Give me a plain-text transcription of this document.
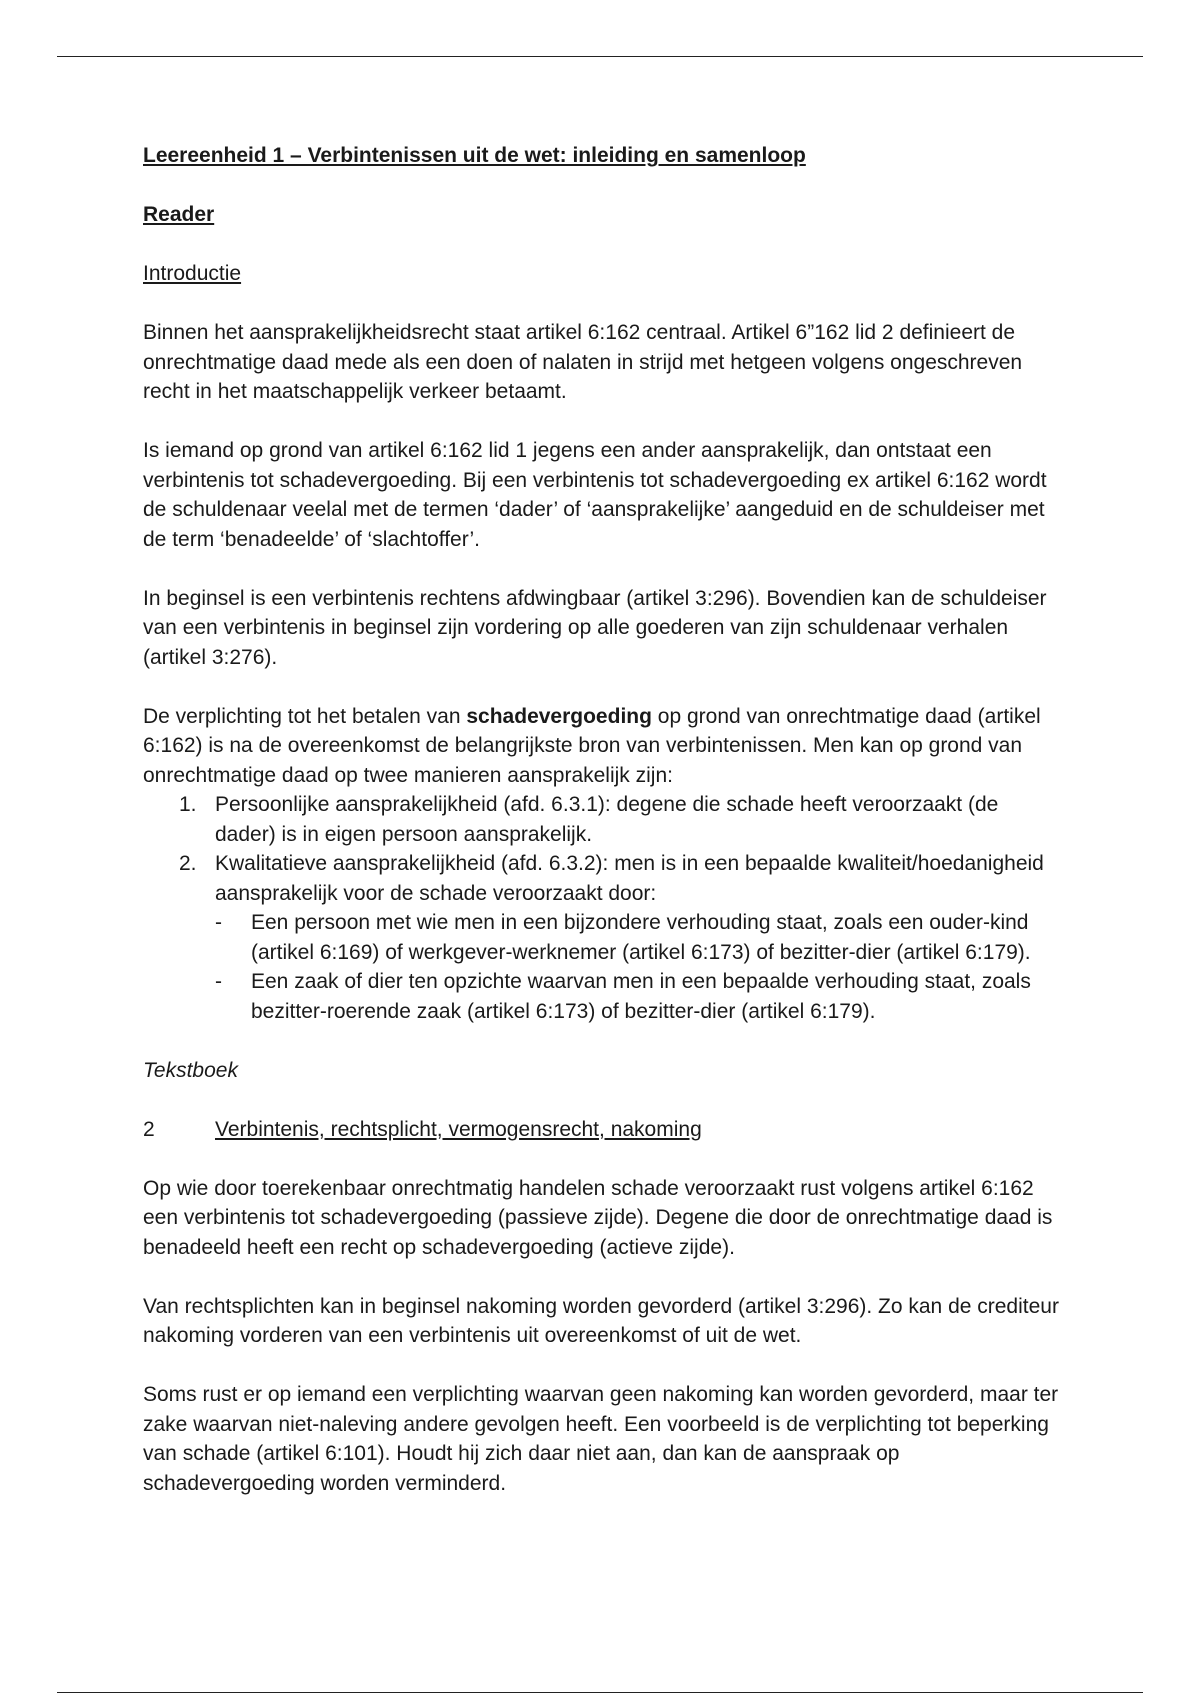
Leereenheid 1 – Verbintenissen uit de wet: inleiding en samenloop

Reader

Introductie

Binnen het aansprakelijkheidsrecht staat artikel 6:162 centraal. Artikel 6”162 lid 2 definieert de onrechtmatige daad mede als een doen of nalaten in strijd met hetgeen volgens ongeschreven recht in het maatschappelijk verkeer betaamt.

Is iemand op grond van artikel 6:162 lid 1 jegens een ander aansprakelijk, dan ontstaat een verbintenis tot schadevergoeding. Bij een verbintenis tot schadevergoeding ex artikel 6:162 wordt de schuldenaar veelal met de termen ‘dader’ of ‘aansprakelijke’ aangeduid en de schuldeiser met de term ‘benadeelde’ of ‘slachtoffer’.

In beginsel is een verbintenis rechtens afdwingbaar (artikel 3:296). Bovendien kan de schuldeiser van een verbintenis in beginsel zijn vordering op alle goederen van zijn schuldenaar verhalen (artikel 3:276).

De verplichting tot het betalen van schadevergoeding op grond van onrechtmatige daad (artikel 6:162) is na de overeenkomst de belangrijkste bron van verbintenissen. Men kan op grond van onrechtmatige daad op twee manieren aansprakelijk zijn:

1. Persoonlijke aansprakelijkheid (afd. 6.3.1): degene die schade heeft veroorzaakt (de dader) is in eigen persoon aansprakelijk.
2. Kwalitatieve aansprakelijkheid (afd. 6.3.2): men is in een bepaalde kwaliteit/hoedanigheid aansprakelijk voor de schade veroorzaakt door:
- Een persoon met wie men in een bijzondere verhouding staat, zoals een ouder-kind (artikel 6:169) of werkgever-werknemer (artikel 6:173) of bezitter-dier (artikel 6:179).
- Een zaak of dier ten opzichte waarvan men in een bepaalde verhouding staat, zoals bezitter-roerende zaak (artikel 6:173) of bezitter-dier (artikel 6:179).

Tekstboek

2	Verbintenis, rechtsplicht, vermogensrecht, nakoming

Op wie door toerekenbaar onrechtmatig handelen schade veroorzaakt rust volgens artikel 6:162 een verbintenis tot schadevergoeding (passieve zijde). Degene die door de onrechtmatige daad is benadeeld heeft een recht op schadevergoeding (actieve zijde).

Van rechtsplichten kan in beginsel nakoming worden gevorderd (artikel 3:296). Zo kan de crediteur nakoming vorderen van een verbintenis uit overeenkomst of uit de wet.

Soms rust er op iemand een verplichting waarvan geen nakoming kan worden gevorderd, maar ter zake waarvan niet-naleving andere gevolgen heeft. Een voorbeeld is de verplichting tot beperking van schade (artikel 6:101). Houdt hij zich daar niet aan, dan kan de aanspraak op schadevergoeding worden verminderd.
